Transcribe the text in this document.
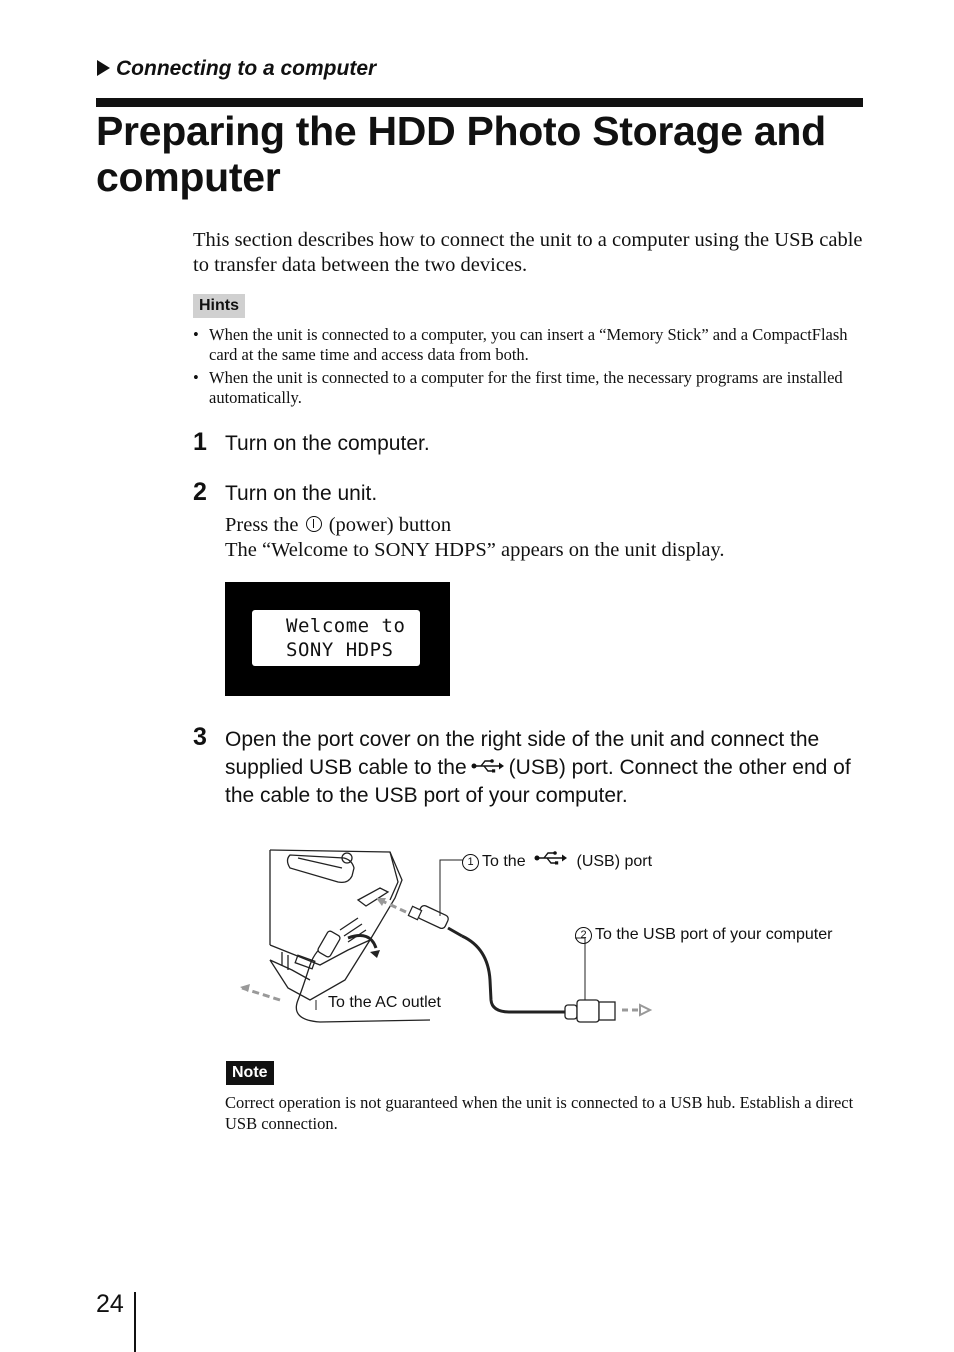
Connecting to a computer
Preparing the HDD Photo Storage and computer
This section describes how to connect the unit to a computer using the USB cable to transfer data between the two devices.
Hints
• When the unit is connected to a computer, you can insert a “Memory Stick” and a CompactFlash card at the same time and access data from both.
• When the unit is connected to a computer for the first time, the necessary programs are installed automatically.
1 Turn on the computer.
2 Turn on the unit.
Press the (power) button
The “Welcome to SONY HDPS” appears on the unit display.
Welcome to
SONY HDPS
3 Open the port cover on the right side of the unit and connect the supplied USB cable to the (USB) port. Connect the other end of the cable to the USB port of your computer.
1 To the	(USB) port
2 To the USB port of your computer
To the AC outlet
Note
Correct operation is not guaranteed when the unit is connected to a USB hub. Establish a direct USB connection.
24
